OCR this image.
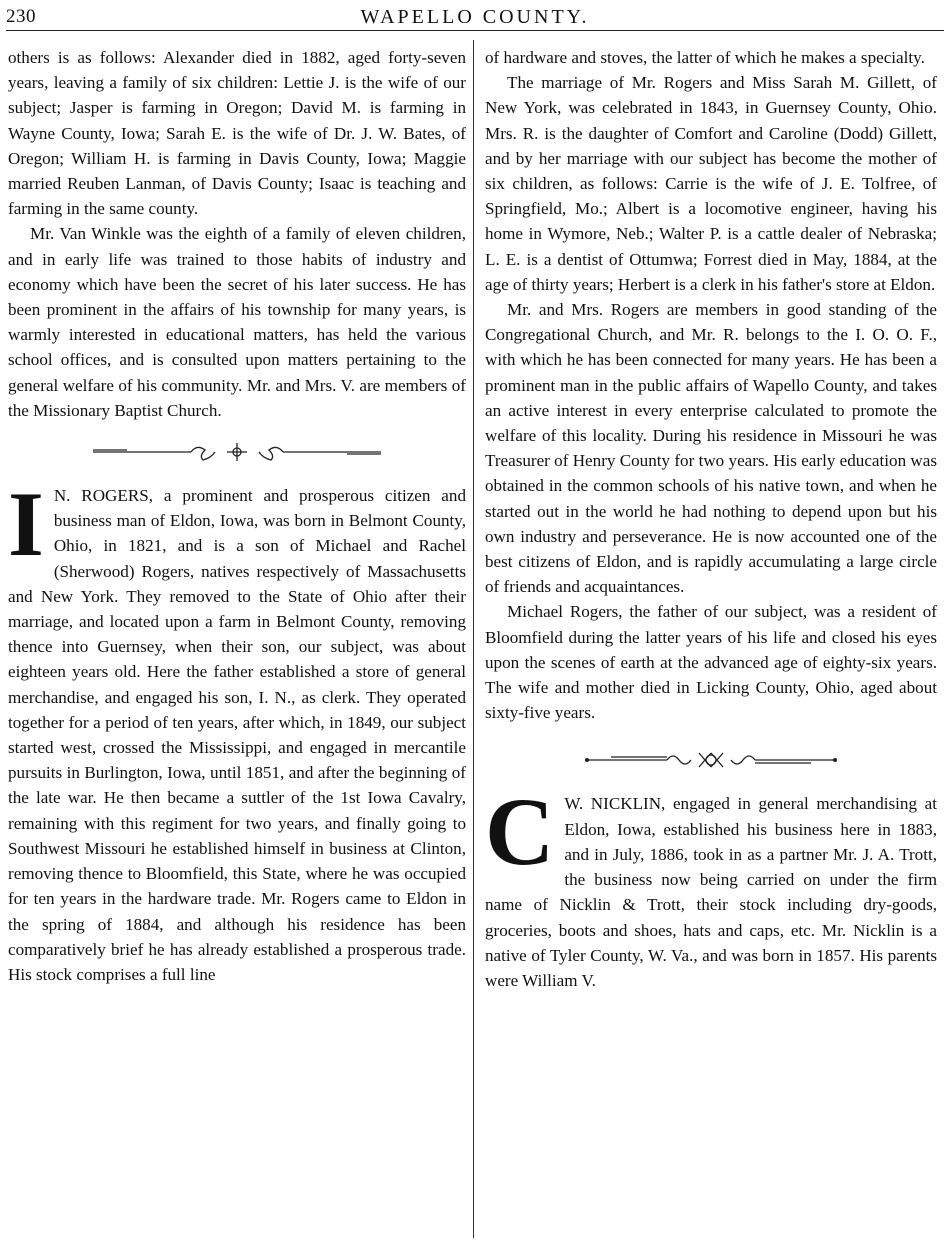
230	WAPELLO COUNTY.

others is as follows: Alexander died in 1882, aged forty-seven years, leaving a family of six children: Lettie J. is the wife of our subject; Jasper is farming in Oregon; David M. is farming in Wayne County, Iowa; Sarah E. is the wife of Dr. J. W. Bates, of Oregon; William H. is farming in Davis County, Iowa; Maggie married Reuben Lanman, of Davis County; Isaac is teaching and farming in the same county.

Mr. Van Winkle was the eighth of a family of eleven children, and in early life was trained to those habits of industry and economy which have been the secret of his later success. He has been prominent in the affairs of his township for many years, is warmly interested in educational matters, has held the various school offices, and is consulted upon matters pertaining to the general welfare of his community. Mr. and Mrs. V. are members of the Missionary Baptist Church.

I N. ROGERS, a prominent and prosperous citizen and business man of Eldon, Iowa, was born in Belmont County, Ohio, in 1821, and is a son of Michael and Rachel (Sherwood) Rogers, natives respectively of Massachusetts and New York. They removed to the State of Ohio after their marriage, and located upon a farm in Belmont County, removing thence into Guernsey, when their son, our subject, was about eighteen years old. Here the father established a store of general merchandise, and engaged his son, I. N., as clerk. They operated together for a period of ten years, after which, in 1849, our subject started west, crossed the Mississippi, and engaged in mercantile pursuits in Burlington, Iowa, until 1851, and after the beginning of the late war. He then became a suttler of the 1st Iowa Cavalry, remaining with this regiment for two years, and finally going to Southwest Missouri he established himself in business at Clinton, removing thence to Bloomfield, this State, where he was occupied for ten years in the hardware trade. Mr. Rogers came to Eldon in the spring of 1884, and although his residence has been comparatively brief he has already established a prosperous trade. His stock comprises a full line

of hardware and stoves, the latter of which he makes a specialty.

The marriage of Mr. Rogers and Miss Sarah M. Gillett, of New York, was celebrated in 1843, in Guernsey County, Ohio. Mrs. R. is the daughter of Comfort and Caroline (Dodd) Gillett, and by her marriage with our subject has become the mother of six children, as follows: Carrie is the wife of J. E. Tolfree, of Springfield, Mo.; Albert is a locomotive engineer, having his home in Wymore, Neb.; Walter P. is a cattle dealer of Nebraska; L. E. is a dentist of Ottumwa; Forrest died in May, 1884, at the age of thirty years; Herbert is a clerk in his father's store at Eldon.

Mr. and Mrs. Rogers are members in good standing of the Congregational Church, and Mr. R. belongs to the I. O. O. F., with which he has been connected for many years. He has been a prominent man in the public affairs of Wapello County, and takes an active interest in every enterprise calculated to promote the welfare of this locality. During his residence in Missouri he was Treasurer of Henry County for two years. His early education was obtained in the common schools of his native town, and when he started out in the world he had nothing to depend upon but his own industry and perseverance. He is now accounted one of the best citizens of Eldon, and is rapidly accumulating a large circle of friends and acquaintances.

Michael Rogers, the father of our subject, was a resident of Bloomfield during the latter years of his life and closed his eyes upon the scenes of earth at the advanced age of eighty-six years. The wife and mother died in Licking County, Ohio, aged about sixty-five years.

C W. NICKLIN, engaged in general merchandising at Eldon, Iowa, established his business here in 1883, and in July, 1886, took in as a partner Mr. J. A. Trott, the business now being carried on under the firm name of Nicklin & Trott, their stock including dry-goods, groceries, boots and shoes, hats and caps, etc. Mr. Nicklin is a native of Tyler County, W. Va., and was born in 1857. His parents were William V.
